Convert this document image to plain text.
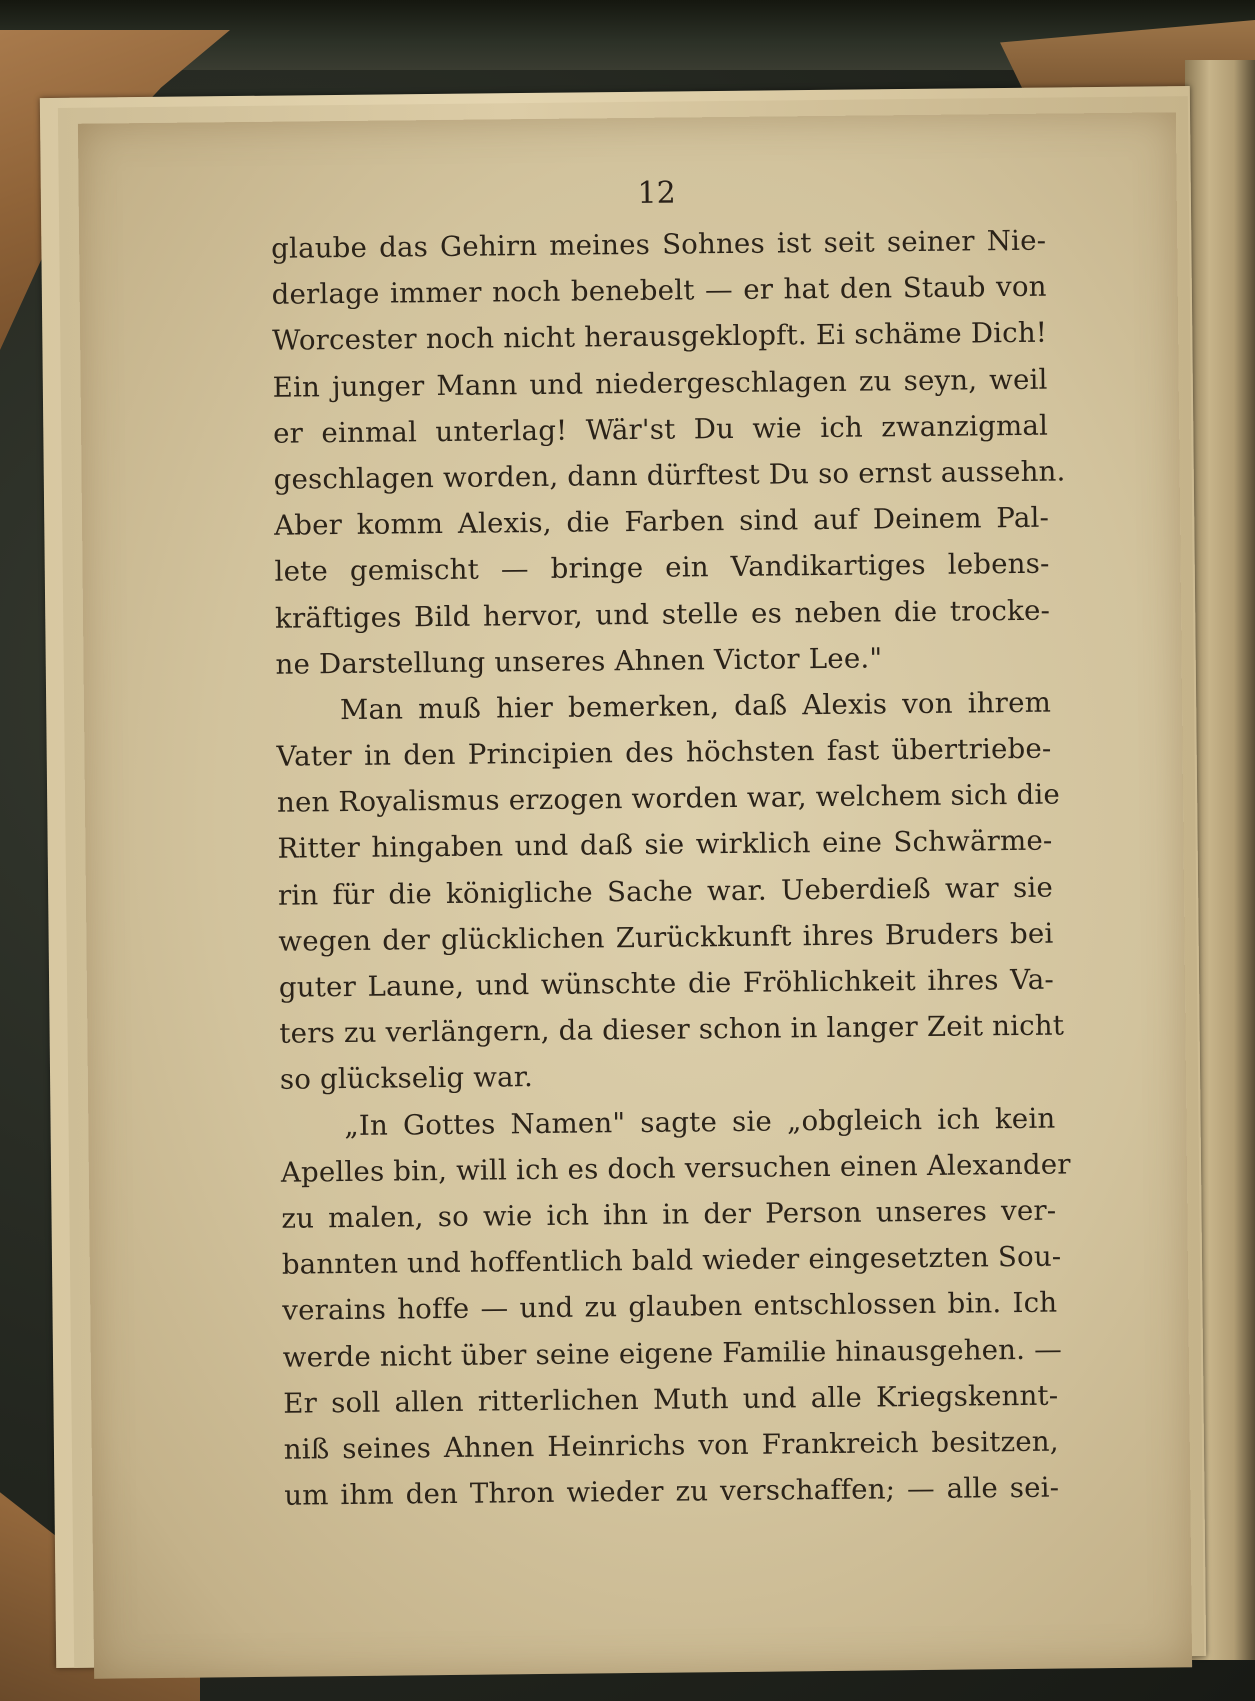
12
glaube das Gehirn meines Sohnes ist seit seiner Nie-
derlage immer noch benebelt — er hat den Staub von
Worcester noch nicht herausgeklopft. Ei schäme Dich!
Ein junger Mann und niedergeschlagen zu seyn, weil
er einmal unterlag! Wär'st Du wie ich zwanzigmal
geschlagen worden, dann dürftest Du so ernst aussehn.
Aber komm Alexis, die Farben sind auf Deinem Pal-
lete gemischt — bringe ein Vandikartiges lebens-
kräftiges Bild hervor, und stelle es neben die trocke-
ne Darstellung unseres Ahnen Victor Lee."
Man muß hier bemerken, daß Alexis von ihrem
Vater in den Principien des höchsten fast übertriebe-
nen Royalismus erzogen worden war, welchem sich die
Ritter hingaben und daß sie wirklich eine Schwärme-
rin für die königliche Sache war. Ueberdieß war sie
wegen der glücklichen Zurückkunft ihres Bruders bei
guter Laune, und wünschte die Fröhlichkeit ihres Va-
ters zu verlängern, da dieser schon in langer Zeit nicht
so glückselig war.
„In Gottes Namen" sagte sie „obgleich ich kein
Apelles bin, will ich es doch versuchen einen Alexander
zu malen, so wie ich ihn in der Person unseres ver-
bannten und hoffentlich bald wieder eingesetzten Sou-
verains hoffe — und zu glauben entschlossen bin. Ich
werde nicht über seine eigene Familie hinausgehen. —
Er soll allen ritterlichen Muth und alle Kriegskennt-
niß seines Ahnen Heinrichs von Frankreich besitzen,
um ihm den Thron wieder zu verschaffen; — alle sei-
